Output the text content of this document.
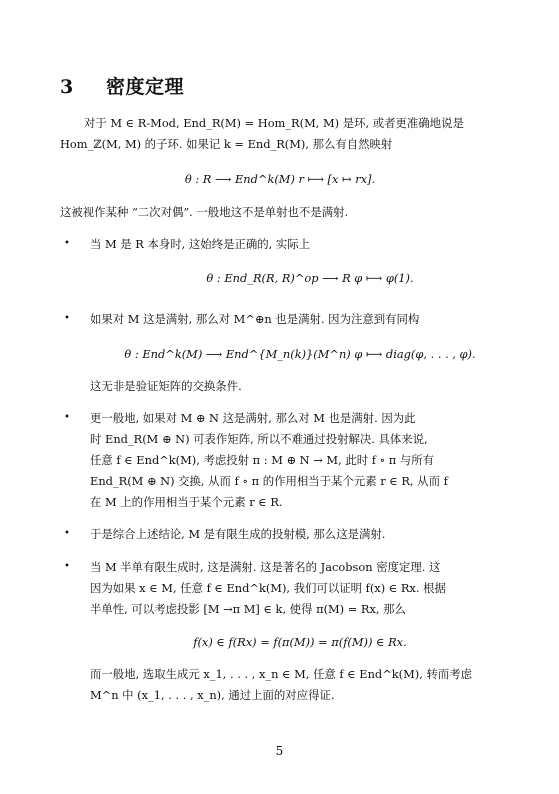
3 密度定理
对于 M ∈ R-Mod, End_R(M) = Hom_R(M, M) 是环, 或者更准确地说是
Hom_ℤ(M, M) 的子环. 如果记 k = End_R(M), 那么有自然映射
θ : R ⟶ End^k(M) r ⟼ [x ↦ rx].
这被视作某种 “二次对偶”. 一般地这不是单射也不是满射.
• 当 M 是 R 本身时, 这始终是正确的, 实际上
θ : End_R(R, R)^op ⟶ R φ ⟼ φ(1).
• 如果对 M 这是满射, 那么对 M^⊕n 也是满射. 因为注意到有同构
θ : End^k(M) ⟶ End^{M_n(k)}(M^n) φ ⟼ diag(φ, . . . , φ).
这无非是验证矩阵的交换条件.
• 更一般地, 如果对 M ⊕ N 这是满射, 那么对 M 也是满射. 因为此
时 End_R(M ⊕ N) 可表作矩阵, 所以不难通过投射解决. 具体来说,
任意 f ∈ End^k(M), 考虑投射 π : M ⊕ N → M, 此时 f ∘ π 与所有
End_R(M ⊕ N) 交换, 从而 f ∘ π 的作用相当于某个元素 r ∈ R, 从而 f
在 M 上的作用相当于某个元素 r ∈ R.
• 于是综合上述结论, M 是有限生成的投射模, 那么这是满射.
• 当 M 半单有限生成时, 这是满射. 这是著名的 Jacobson 密度定理. 这
因为如果 x ∈ M, 任意 f ∈ End^k(M), 我们可以证明 f(x) ∈ Rx. 根据
半单性, 可以考虑投影 [M →π M] ∈ k, 使得 π(M) = Rx, 那么
f(x) ∈ f(Rx) = f(π(M)) = π(f(M)) ∈ Rx.
而一般地, 选取生成元 x_1, . . . , x_n ∈ M, 任意 f ∈ End^k(M), 转而考虑
M^n 中 (x_1, . . . , x_n), 通过上面的对应得证.
5
